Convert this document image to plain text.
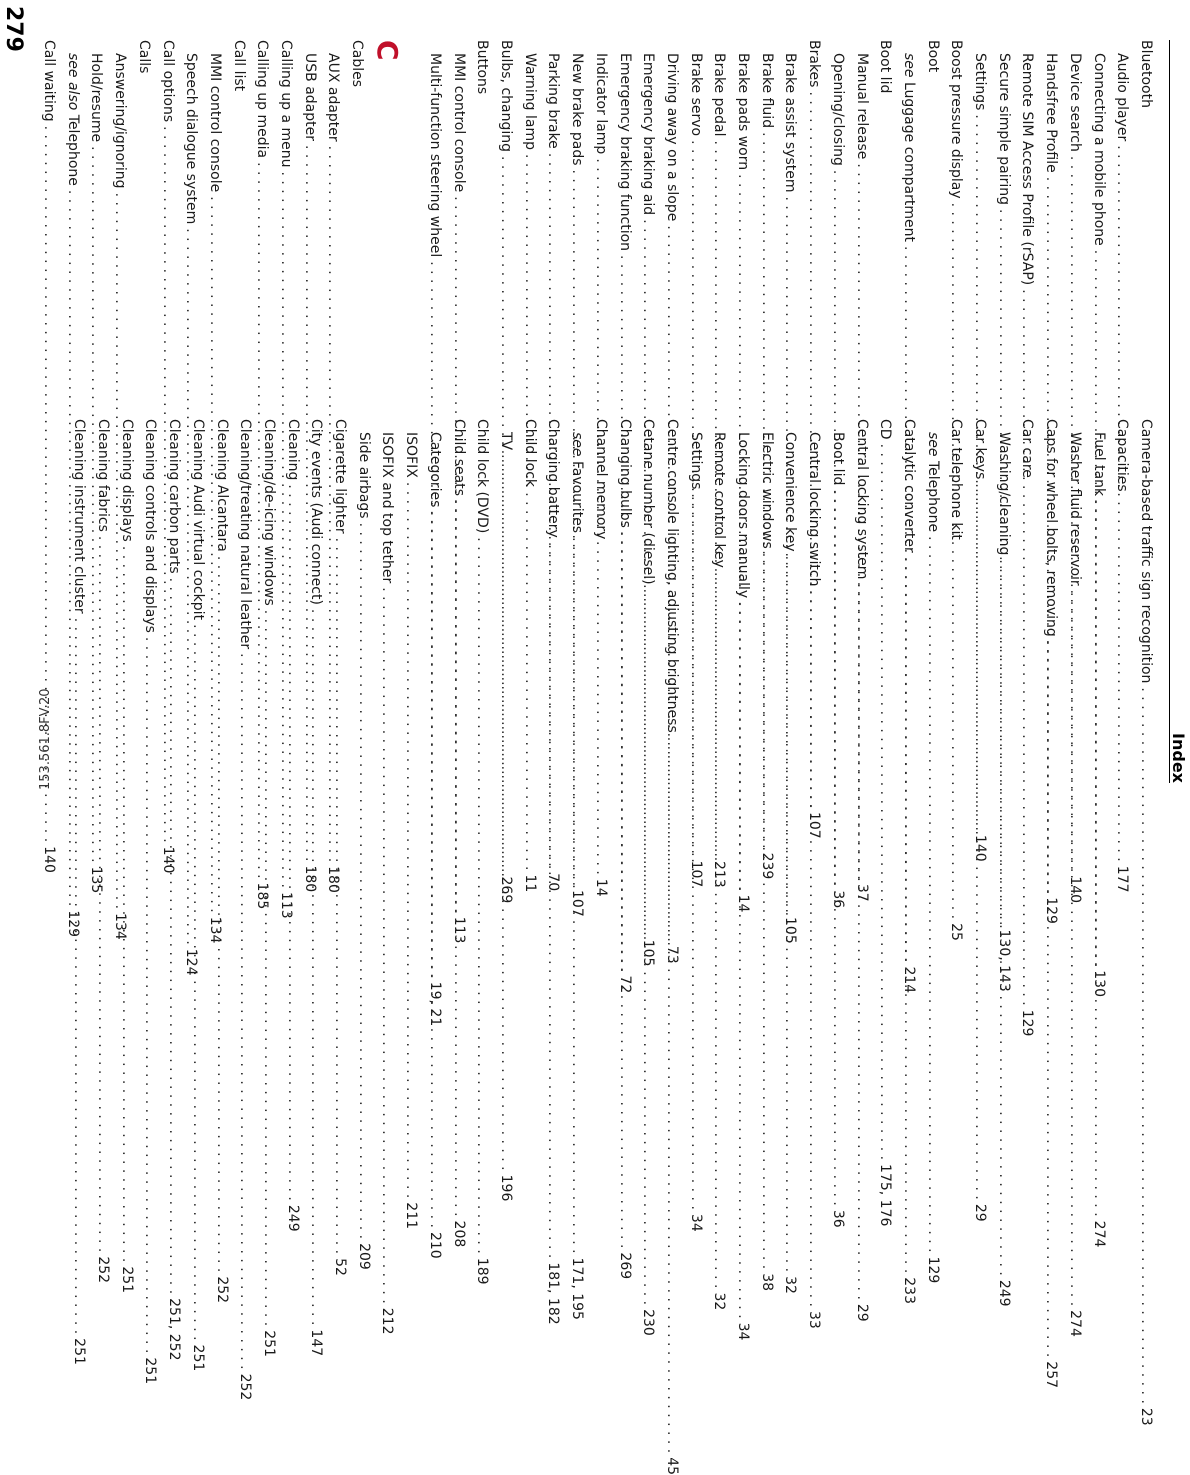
Index
Bluetooth
Audio player
. . .
177
Connecting a mobile phone
. . .
130
Device search
. . .
140
Handsfree Profile
. . .
129
Remote SIM Access Profile (rSAP)
. . .
129
Secure simple pairing
. . .
130, 143
Settings
. . .
140
Boost pressure display
. . .
25
Boot
see Luggage compartment
. . .
214
Boot lid
Manual release
. . .
37
Opening/closing
. . .
36
Brakes
. . .
107
Brake assist system
. . .
105
Brake fluid
. . .
239
Brake pads worn
. . .
14
Brake pedal
. . .
213
Brake servo
. . .
107
Driving away on a slope
. . .
73
Emergency braking aid
. . .
105
Emergency braking function
. . .
72
Indicator lamp
. . .
14
New brake pads
. . .
107
Parking brake
. . .
70
Warning lamp
. . .
11
Bulbs, changing
. . .
269
Buttons
MMI control console
. . .
113
Multi-function steering wheel
. . .
19, 21
C
Cables
AUX adapter
. . .
180
USB adapter
. . .
180
Calling up a menu
. . .
113
Calling up media
. . .
185
Call list
MMI control console
. . .
134
Speech dialogue system
. . .
124
Call options
. . .
140
Calls
Answering/ignoring
. . .
134
Hold/resume
. . .
135
see also Telephone
. . .
129
Call waiting
. . .
140
Camera-based traffic sign recognition
. . .
23
Capacities
Fuel tank
. . .
274
Washer fluid reservoir
. . .
274
Caps for wheel bolts, removing
. . .
257
Car care
Washing/cleaning
. . .
249
Car keys
. . .
29
Car telephone kit
see Telephone
. . .
129
Catalytic converter
. . .
233
CD
. . .
175, 176
Central locking system
. . .
29
Boot lid
. . .
36
Central locking switch
. . .
33
Convenience key
. . .
32
Electric windows
. . .
38
Locking doors manually
. . .
34
Remote control key
. . .
32
Settings
. . .
34
Centre console lighting, adjusting brightness
. . .
45
Cetane number (diesel)
. . .
230
Changing bulbs
. . .
269
Channel memory
see Favourites
. . .
171, 195
Charging battery
. . .
181, 182
Child lock
TV
. . .
196
Child lock (DVD)
. . .
189
Child seats
. . .
208
Categories
. . .
210
ISOFIX
. . .
211
ISOFIX and top tether
. . .
212
Side airbags
. . .
209
Cigarette lighter
. . .
52
City events (Audi connect)
. . .
147
Cleaning
. . .
249
Cleaning/de-icing windows
. . .
251
Cleaning/treating natural leather
. . .
252
Cleaning Alcantara
. . .
252
Cleaning Audi virtual cockpit
. . .
251
Cleaning carbon parts
. . .
251, 252
Cleaning controls and displays
. . .
251
Cleaning displays
. . .
251
Cleaning fabrics
. . .
252
Cleaning instrument cluster
. . .
251
279
153.561.8FV.20
